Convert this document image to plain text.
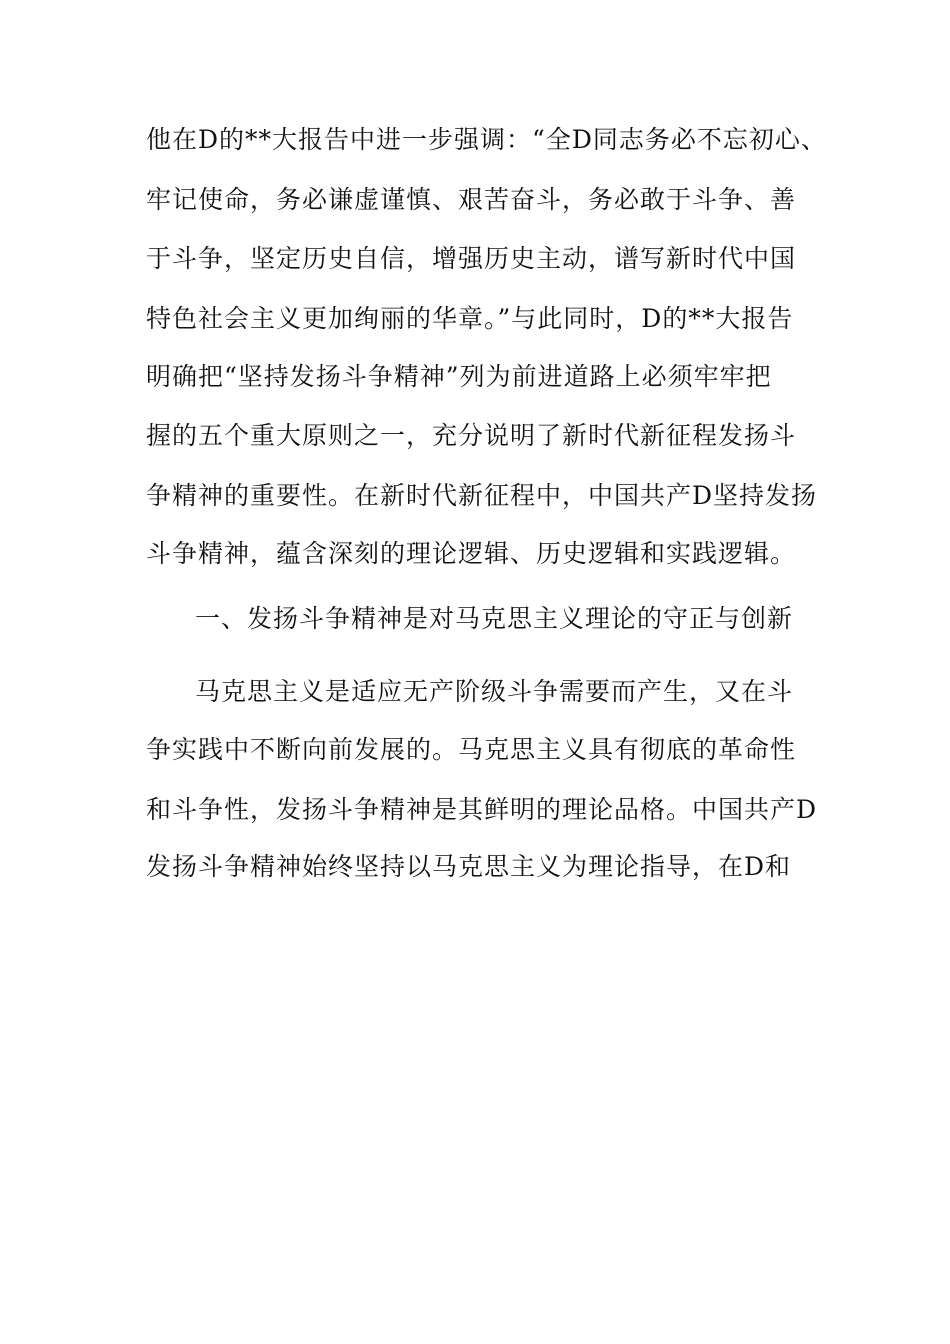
他在D的**大报告中进一步强调：“全D同志务必不忘初心、
牢记使命，务必谦虚谨慎、艰苦奋斗，务必敢于斗争、善
于斗争，坚定历史自信，增强历史主动，谱写新时代中国
特色社会主义更加绚丽的华章。”与此同时，D的**大报告
明确把“坚持发扬斗争精神”列为前进道路上必须牢牢把
握的五个重大原则之一，充分说明了新时代新征程发扬斗
争精神的重要性。在新时代新征程中，中国共产D坚持发扬
斗争精神，蕴含深刻的理论逻辑、历史逻辑和实践逻辑。
一、发扬斗争精神是对马克思主义理论的守正与创新
马克思主义是适应无产阶级斗争需要而产生，又在斗
争实践中不断向前发展的。马克思主义具有彻底的革命性
和斗争性，发扬斗争精神是其鲜明的理论品格。中国共产D
发扬斗争精神始终坚持以马克思主义为理论指导，在D和
